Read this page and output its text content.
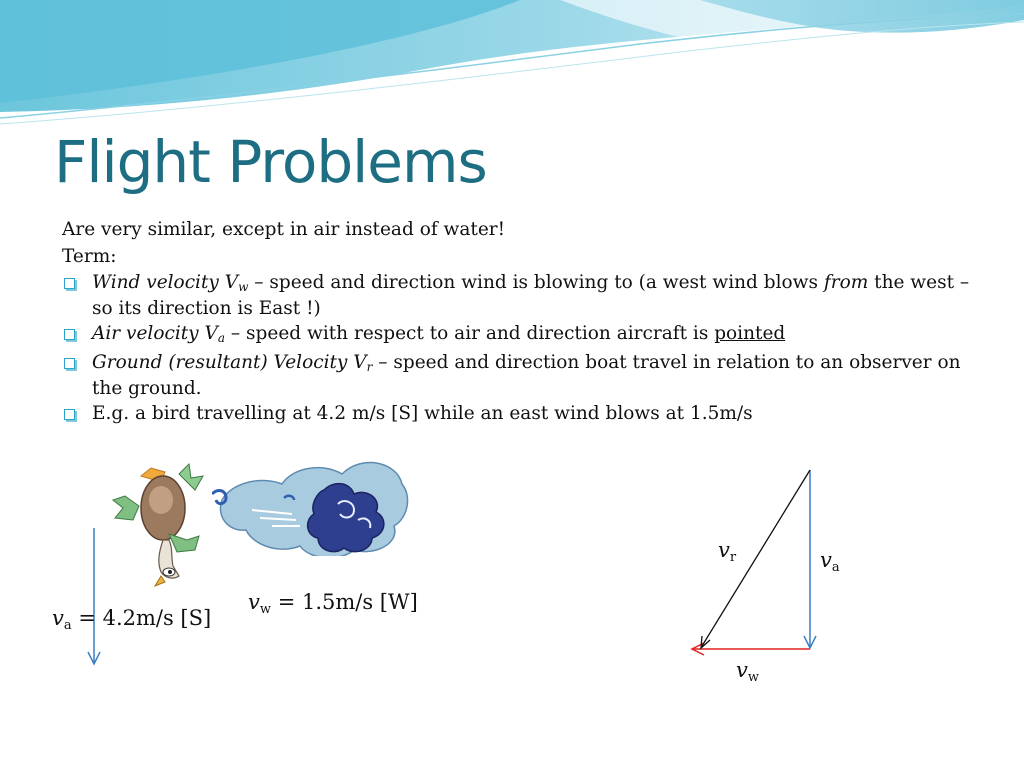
Flight Problems
Are very similar, except in air instead of water!
Term:
Wind velocity $V_w$ – speed and direction wind is blowing to (a west wind blows from the west – so its direction is East !)
Air velocity $V_a$ – speed with respect to air and direction aircraft is pointed
Ground (resultant) Velocity $V_r$ – speed and direction boat travel in relation to an observer on the ground.
E.g. a bird travelling at 4.2 m/s [S] while an east wind blows at 1.5m/s
$v_a = 4.2m/s$ [S]
$v_w = 1.5m/s$ [W]
$v_r$	$v_a$
$v_w$
